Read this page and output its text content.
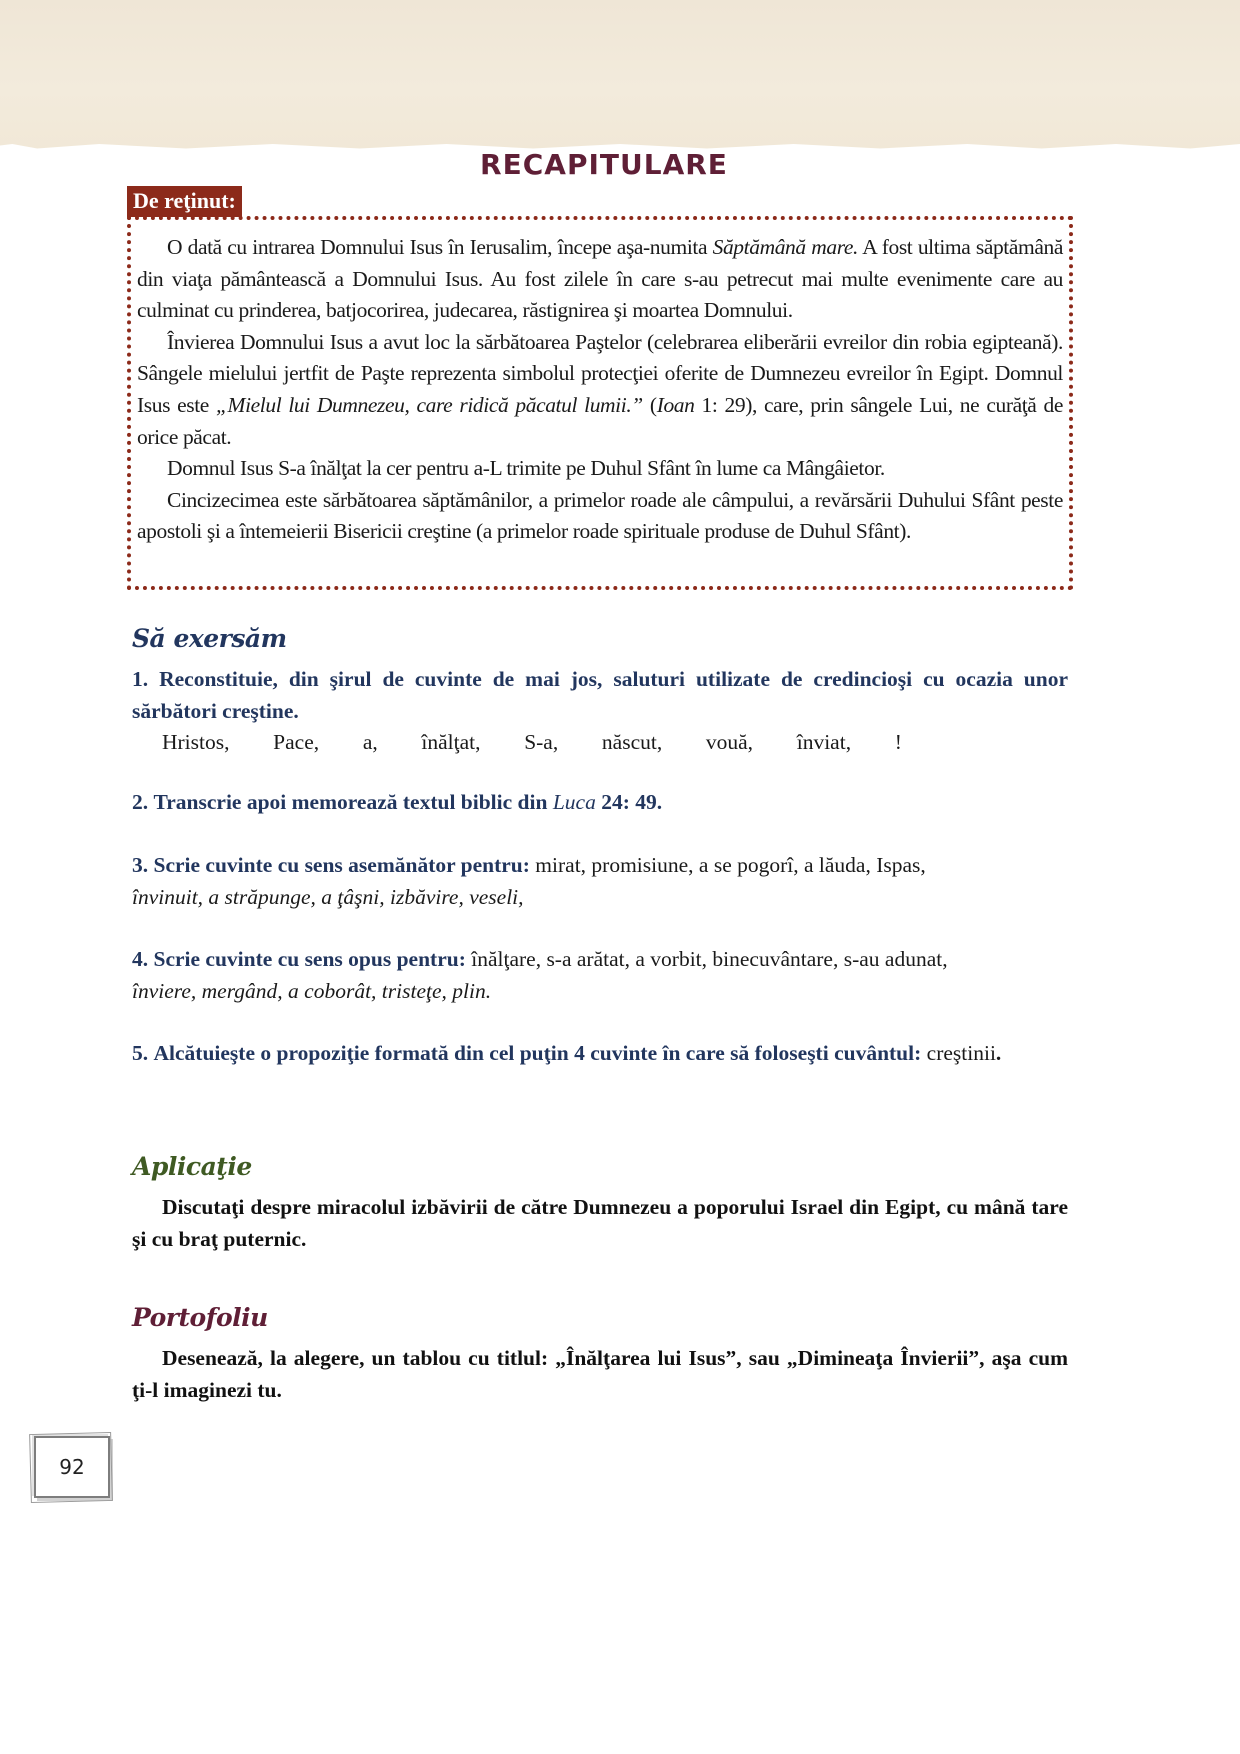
RECAPITULARE
De reţinut:

O dată cu intrarea Domnului Isus în Ierusalim, începe aşa-numita Săptămână mare. A fost ultima săptămână din viaţa pământească a Domnului Isus. Au fost zilele în care s-au petrecut mai multe evenimente care au culminat cu prinderea, batjocorirea, judecarea, răstignirea şi moartea Domnului.

Învierea Domnului Isus a avut loc la sărbătoarea Paştelor (celebrarea eliberării evreilor din robia egipteană). Sângele mielului jertfit de Paşte reprezenta simbolul protecţiei oferite de Dumnezeu evreilor în Egipt. Domnul Isus este „Mielul lui Dumnezeu, care ridică păcatul lumii.” (Ioan 1: 29), care, prin sângele Lui, ne curăţă de orice păcat.

Domnul Isus S-a înălţat la cer pentru a-L trimite pe Duhul Sfânt în lume ca Mângâietor.

Cincizecimea este sărbătoarea săptămânilor, a primelor roade ale câmpului, a revărsării Duhului Sfânt peste apostoli şi a întemeierii Bisericii creştine (a primelor roade spirituale produse de Duhul Sfânt).

Să exersăm
1. Reconstituie, din şirul de cuvinte de mai jos, saluturi utilizate de credincioşi cu ocazia unor sărbători creştine.
Hristos, Pace, a, înălţat, S-a, născut, vouă, înviat, !
2. Transcrie apoi memorează textul biblic din Luca 24: 49.
3. Scrie cuvinte cu sens asemănător pentru: mirat, promisiune, a se pogorî, a lăuda, Ispas,
învinuit, a străpunge, a ţâşni, izbăvire, veseli,
4. Scrie cuvinte cu sens opus pentru: înălţare, s-a arătat, a vorbit, binecuvântare, s-au adunat,
înviere, mergând, a coborât, tristeţe, plin.
5. Alcătuieşte o propoziţie formată din cel puţin 4 cuvinte în care să foloseşti cuvântul: creştinii.
Aplicaţie
Discutaţi despre miracolul izbăvirii de către Dumnezeu a poporului Israel din Egipt, cu mână tare şi cu braţ puternic.
Portofoliu
Desenează, la alegere, un tablou cu titlul: „Înălţarea lui Isus”, sau „Dimineaţa Învierii”, aşa cum ţi-l imaginezi tu.
92
